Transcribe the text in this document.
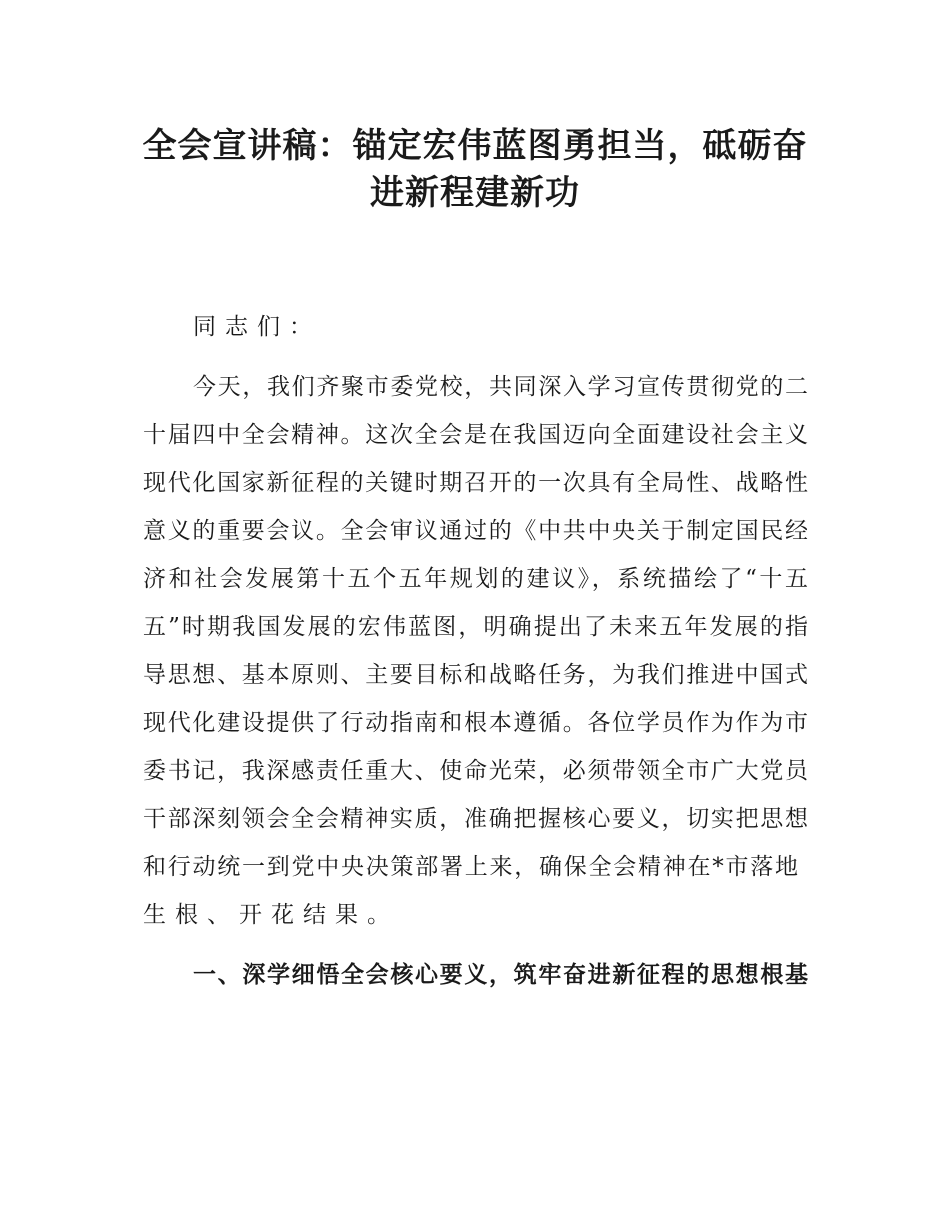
全会宣讲稿：锚定宏伟蓝图勇担当，砥砺奋
进新程建新功
同志们：
今天，我们齐聚市委党校，共同深入学习宣传贯彻党的二
十届四中全会精神。这次全会是在我国迈向全面建设社会主义
现代化国家新征程的关键时期召开的一次具有全局性、战略性
意义的重要会议。全会审议通过的《中共中央关于制定国民经
济和社会发展第十五个五年规划的建议》，系统描绘了“十五
五”时期我国发展的宏伟蓝图，明确提出了未来五年发展的指
导思想、基本原则、主要目标和战略任务，为我们推进中国式
现代化建设提供了行动指南和根本遵循。各位学员作为作为市
委书记，我深感责任重大、使命光荣，必须带领全市广大党员
干部深刻领会全会精神实质，准确把握核心要义，切实把思想
和行动统一到党中央决策部署上来，确保全会精神在*市落地
生根、开花结果。
一、深学细悟全会核心要义，筑牢奋进新征程的思想根基
